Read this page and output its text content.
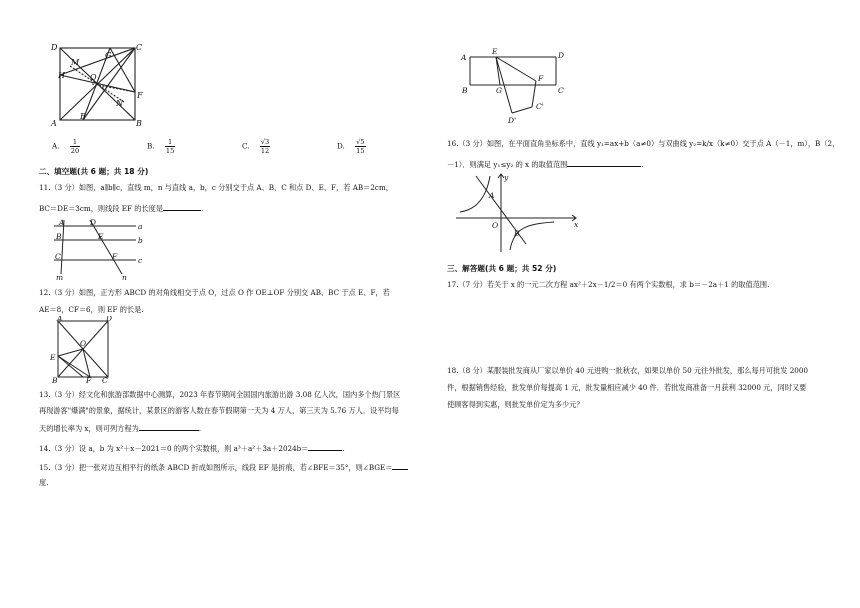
D	C
G
M
H	O
F
N
A
E
B
A. $\frac{1}{20}$	B. $\frac{1}{15}$	C. $\frac{√3}{12}$	D. $\frac{√5}{15}$
二、填空题(共 6 题；共 18 分)
11.（3 分）如图，a∥b∥c，直线 m，n 与直线 a，b，c 分别交于点 A、B、C 和点 D、E、F，若 AB＝2cm，
BC＝DE＝3cm，则线段 EF 的长度是	.
A	D	a
B	E	b
C	F	c
m	n
12.（3 分）如图，正方形 ABCD 的对角线相交于点 O，过点 O 作 OE⊥OF 分别交 AB、BC 于点 E、F，若
AE＝8，CF＝6，则 EF 的长是.
A	D
O
E
B	F C
13.（3 分）经文化和旅游部数据中心测算，2023 年春节期间全国国内旅游出游 3.08 亿人次，国内多个热门景区
再现游客"爆满"的景象，据统计，某景区的游客人数在春节假期第一天为 4 万人，第三天为 5.76 万人．设平均每
天的增长率为 x，则可列方程为	.
14.（3 分）设 a，b 为 x²＋x－2021＝0 的两个实数根，则 a³＋a²＋3a＋2024b＝	.
15.（3 分）把一张对边互相平行的纸条 ABCD 折成如图所示，线段 EF 是折痕，若∠BFE＝35°，则∠BGE＝
度.
A
E	D
F
B	G	C
D'
C'
16.（3 分）如图，在平面直角坐标系中，直线 y₁=ax+b（a≠0）与双曲线 y₂=k/x（k≠0）交于点 A（－1，m），B（2，
－1）．则满足 y₁≤y₂ 的 x 的取值范围	.
y
A
O
B
x
三、解答题(共 6 题；共 52 分)
17.（7 分）若关于 x 的一元二次方程 ax²＋2x－1/2＝0 有两个实数根，求 b＝－2a＋1 的取值范围.
18.（8 分）某服装批发商从厂家以单价 40 元进购一批秋衣，如果以单价 50 元往外批发，那么每月可批发 2000
件，根据销售经验，批发单价每提高 1 元，批发量相应减少 40 件．若批发商准备一月获利 32000 元，同时又要
使顾客得到实惠，则批发单价定为多少元？
